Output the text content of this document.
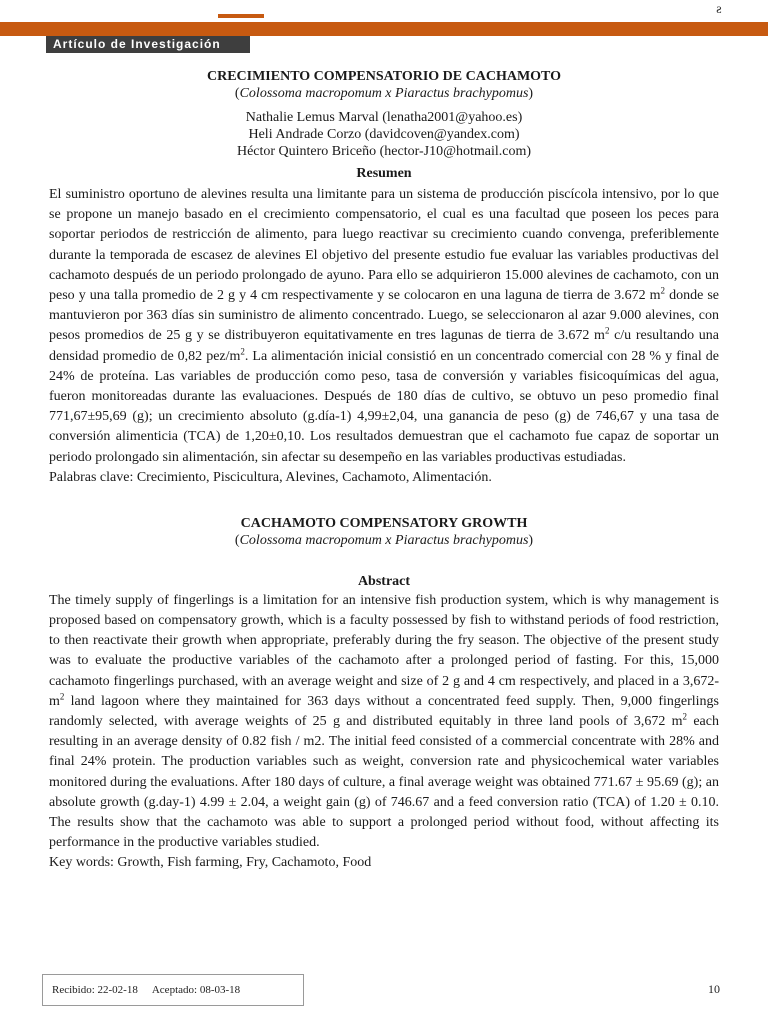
ƨ
Artículo de Investigación

CRECIMIENTO COMPENSATORIO DE CACHAMOTO

(Colossoma macropomum x Piaractus brachypomus)

Nathalie Lemus Marval (lenatha2001@yahoo.es)
Heli Andrade Corzo (davidcoven@yandex.com)
Héctor Quintero Briceño (hector-J10@hotmail.com)
Resumen

El suministro oportuno de alevines resulta una limitante para un sistema de producción piscícola intensivo, por lo que se propone un manejo basado en el crecimiento compensatorio, el cual es una facultad que poseen los peces para soportar periodos de restricción de alimento, para luego reactivar su crecimiento cuando convenga, preferiblemente durante la temporada de escasez de alevines El objetivo del presente estudio fue evaluar las variables productivas del cachamoto después de un periodo prolongado de ayuno. Para ello se adquirieron 15.000 alevines de cachamoto, con un peso y una talla promedio de 2 g y 4 cm respectivamente y se colocaron en una laguna de tierra de 3.672 $m^2$ donde se mantuvieron por 363 días sin suministro de alimento concentrado. Luego, se seleccionaron al azar 9.000 alevines, con pesos promedios de 25 g y se distribuyeron equitativamente en tres lagunas de tierra de 3.672 $m^2$ c/u resultando una densidad promedio de 0,82 pez/$m^2$. La alimentación inicial consistió en un concentrado comercial con 28 % y final de 24% de proteína. Las variables de producción como peso, tasa de conversión y variables fisicoquímicas del agua, fueron monitoreadas durante las evaluaciones. Después de 180 días de cultivo, se obtuvo un peso promedio final 771,67±95,69 (g); un crecimiento absoluto (g.día-1) 4,99±2,04, una ganancia de peso (g) de 746,67 y una tasa de conversión alimenticia (TCA) de 1,20±0,10. Los resultados demuestran que el cachamoto fue capaz de soportar un periodo prolongado sin alimentación, sin afectar su desempeño en las variables productivas estudiadas.

Palabras clave: Crecimiento, Piscicultura, Alevines, Cachamoto, Alimentación.

CACHAMOTO COMPENSATORY GROWTH

(Colossoma macropomum x Piaractus brachypomus)

Abstract

The timely supply of fingerlings is a limitation for an intensive fish production system, which is why management is proposed based on compensatory growth, which is a faculty possessed by fish to withstand periods of food restriction, to then reactivate their growth when appropriate, preferably during the fry season. The objective of the present study was to evaluate the productive variables of the cachamoto after a prolonged period of fasting. For this, 15,000 cachamoto fingerlings purchased, with an average weight and size of 2 g and 4 cm respectively, and placed in a $3,672-m^2$ land lagoon where they maintained for 363 days without a concentrated feed supply. Then, 9,000 fingerlings randomly selected, with average weights of 25 g and distributed equitably in three land pools of 3,672 $m^2$ each resulting in an average density of 0.82 fish / m2. The initial feed consisted of a commercial concentrate with 28% and final 24% protein. The production variables such as weight, conversion rate and physicochemical water variables monitored during the evaluations. After 180 days of culture, a final average weight was obtained 771.67 ± 95.69 (g); an absolute growth (g.day-1) 4.99 ± 2.04, a weight gain (g) of 746.67 and a feed conversion ratio (TCA) of 1.20 ± 0.10. The results show that the cachamoto was able to support a prolonged period without food, without affecting its performance in the productive variables studied.

Key words: Growth, Fish farming, Fry, Cachamoto, Food

Recibido: 22-02-18 Aceptado: 08-03-18	10
